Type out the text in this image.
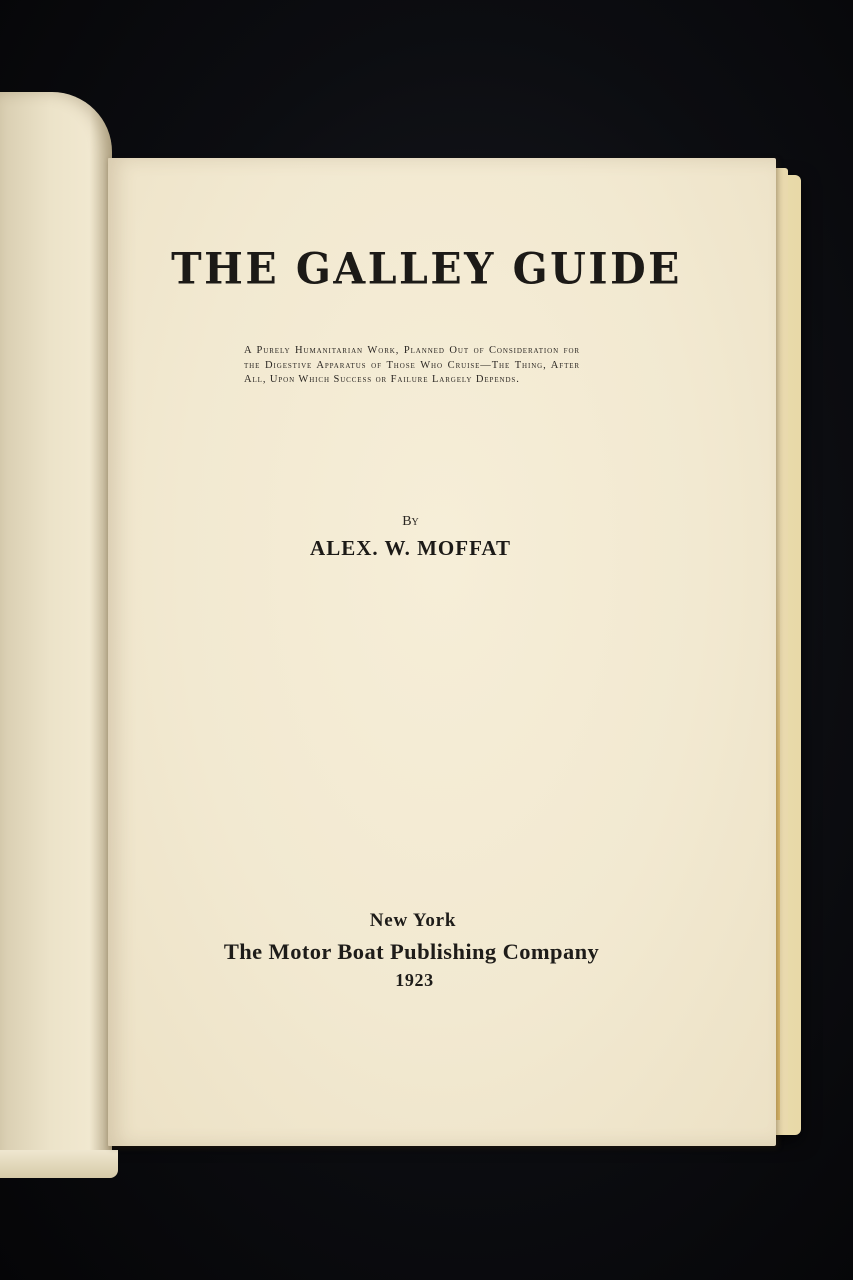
THE GALLEY GUIDE

A Purely Humanitarian Work, Planned Out of Consideration for the Digestive Apparatus of Those Who Cruise—The Thing, After All, Upon Which Success or Failure Largely Depends.

By

ALEX. W. MOFFAT

New York

The Motor Boat Publishing Company

1923
